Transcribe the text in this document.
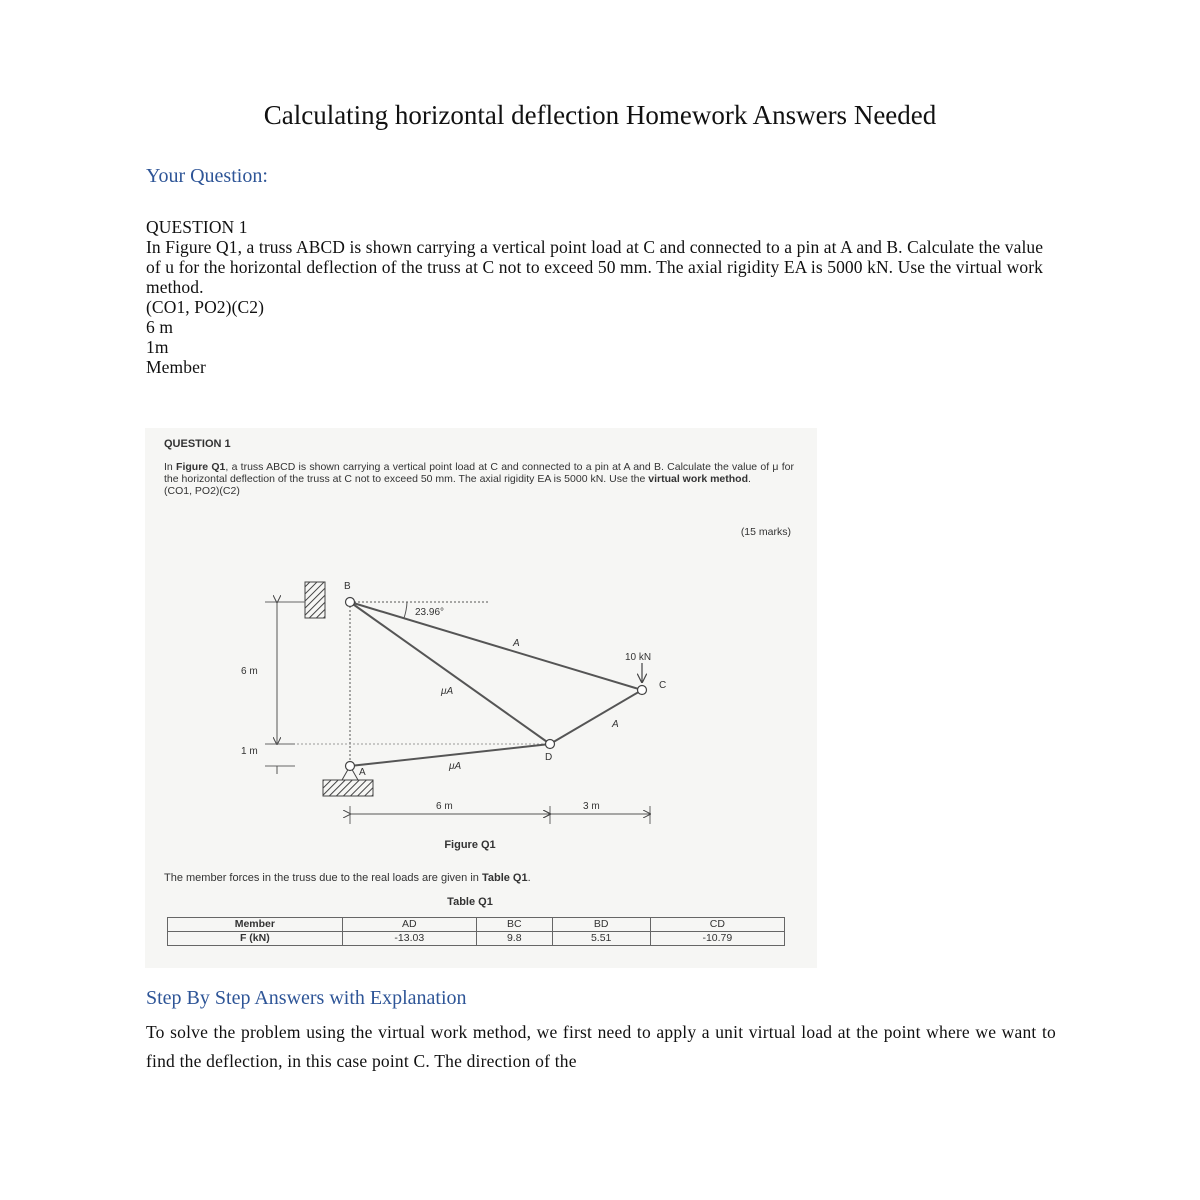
Calculating horizontal deflection Homework Answers Needed
Your Question:
QUESTION 1
In Figure Q1, a truss ABCD is shown carrying a vertical point load at C and connected to a pin at A and B. Calculate the value of u for the horizontal deflection of the truss at C not to exceed 50 mm. The axial rigidity EA is 5000 kN. Use the virtual work method.
(CO1, PO2)(C2)
6 m
1m
Member
QUESTION 1
In Figure Q1, a truss ABCD is shown carrying a vertical point load at C and connected to a pin at A and B. Calculate the value of μ for the horizontal deflection of the truss at C not to exceed 50 mm. The axial rigidity EA is 5000 kN. Use the virtual work method.
(CO1, PO2)(C2)
(15 marks)
B
A
C
D
23.96°
10 kN
6 m
1 m
6 m	3 m
A
A
μA
μA
Figure Q1
The member forces in the truss due to the real loads are given in Table Q1.
Table Q1
Member	AD	BC	BD	CD
F (kN)	-13.03	9.8	5.51	-10.79
Step By Step Answers with Explanation
To solve the problem using the virtual work method, we first need to apply a unit virtual load at the point where we want to find the deflection, in this case point C. The direction of the
